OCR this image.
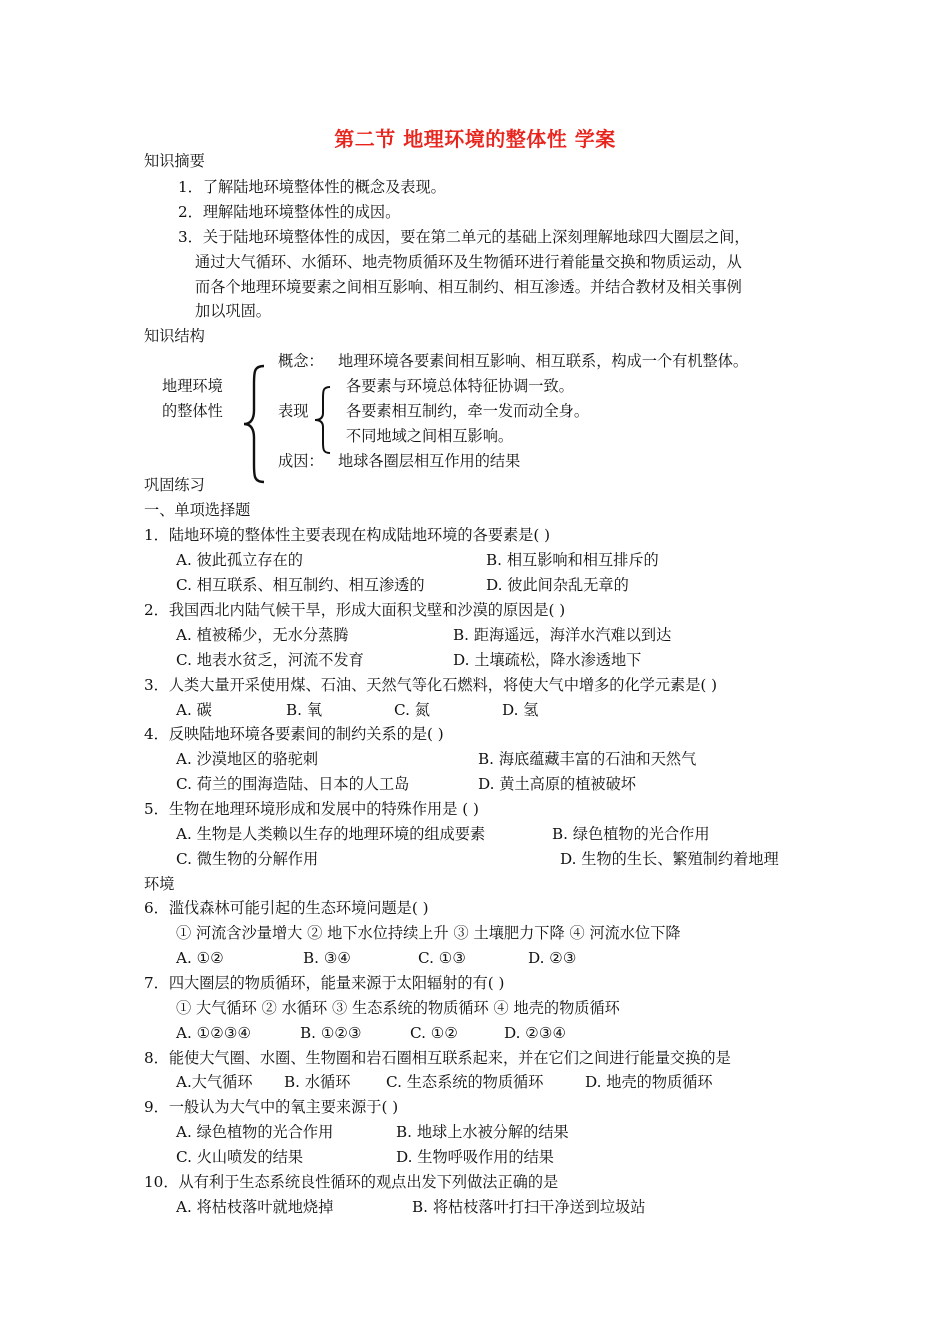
第二节 地理环境的整体性 学案
知识摘要
1．了解陆地环境整体性的概念及表现。
2．理解陆地环境整体性的成因。
3．关于陆地环境整体性的成因，要在第二单元的基础上深刻理解地球四大圈层之间，
通过大气循环、水循环、地壳物质循环及生物循环进行着能量交换和物质运动，从
而各个地理环境要素之间相互影响、相互制约、相互渗透。并结合教材及相关事例
加以巩固。
知识结构
概念： 地理环境各要素间相互影响、相互联系，构成一个有机整体。
地理环境
的整体性	表现
各要素与环境总体特征协调一致。
各要素相互制约，牵一发而动全身。
不同地域之间相互影响。
成因： 地球各圈层相互作用的结果
巩固练习
一、单项选择题
1．陆地环境的整体性主要表现在构成陆地环境的各要素是( )
A. 彼此孤立存在的	B. 相互影响和相互排斥的
C. 相互联系、相互制约、相互渗透的	D. 彼此间杂乱无章的
2．我国西北内陆气候干旱，形成大面积戈壁和沙漠的原因是( )
A. 植被稀少，无水分蒸腾	B. 距海遥远，海洋水汽难以到达
C. 地表水贫乏，河流不发育	D. 土壤疏松，降水渗透地下
3．人类大量开采使用煤、石油、天然气等化石燃料，将使大气中增多的化学元素是( )
A. 碳	B. 氧	C. 氮	D. 氢
4．反映陆地环境各要素间的制约关系的是( )
A. 沙漠地区的骆驼刺	B. 海底蕴藏丰富的石油和天然气
C. 荷兰的围海造陆、日本的人工岛	D. 黄土高原的植被破坏
5．生物在地理环境形成和发展中的特殊作用是 ( )
A. 生物是人类赖以生存的地理环境的组成要素	B. 绿色植物的光合作用
C. 微生物的分解作用	D. 生物的生长、繁殖制约着地理
环境
6．滥伐森林可能引起的生态环境问题是( )
① 河流含沙量增大 ② 地下水位持续上升 ③ 土壤肥力下降 ④ 河流水位下降
A. ①②	B. ③④	C. ①③	D. ②③
7．四大圈层的物质循环，能量来源于太阳辐射的有( )
① 大气循环 ② 水循环 ③ 生态系统的物质循环 ④ 地壳的物质循环
A. ①②③④	B. ①②③	C. ①②	D. ②③④
8．能使大气圈、水圈、生物圈和岩石圈相互联系起来，并在它们之间进行能量交换的是
A.大气循环 B. 水循环 C. 生态系统的物质循环	D. 地壳的物质循环
9．一般认为大气中的氧主要来源于( )
A. 绿色植物的光合作用	B. 地球上水被分解的结果
C. 火山喷发的结果	D. 生物呼吸作用的结果
10．从有利于生态系统良性循环的观点出发下列做法正确的是
A. 将枯枝落叶就地烧掉	B. 将枯枝落叶打扫干净送到垃圾站
